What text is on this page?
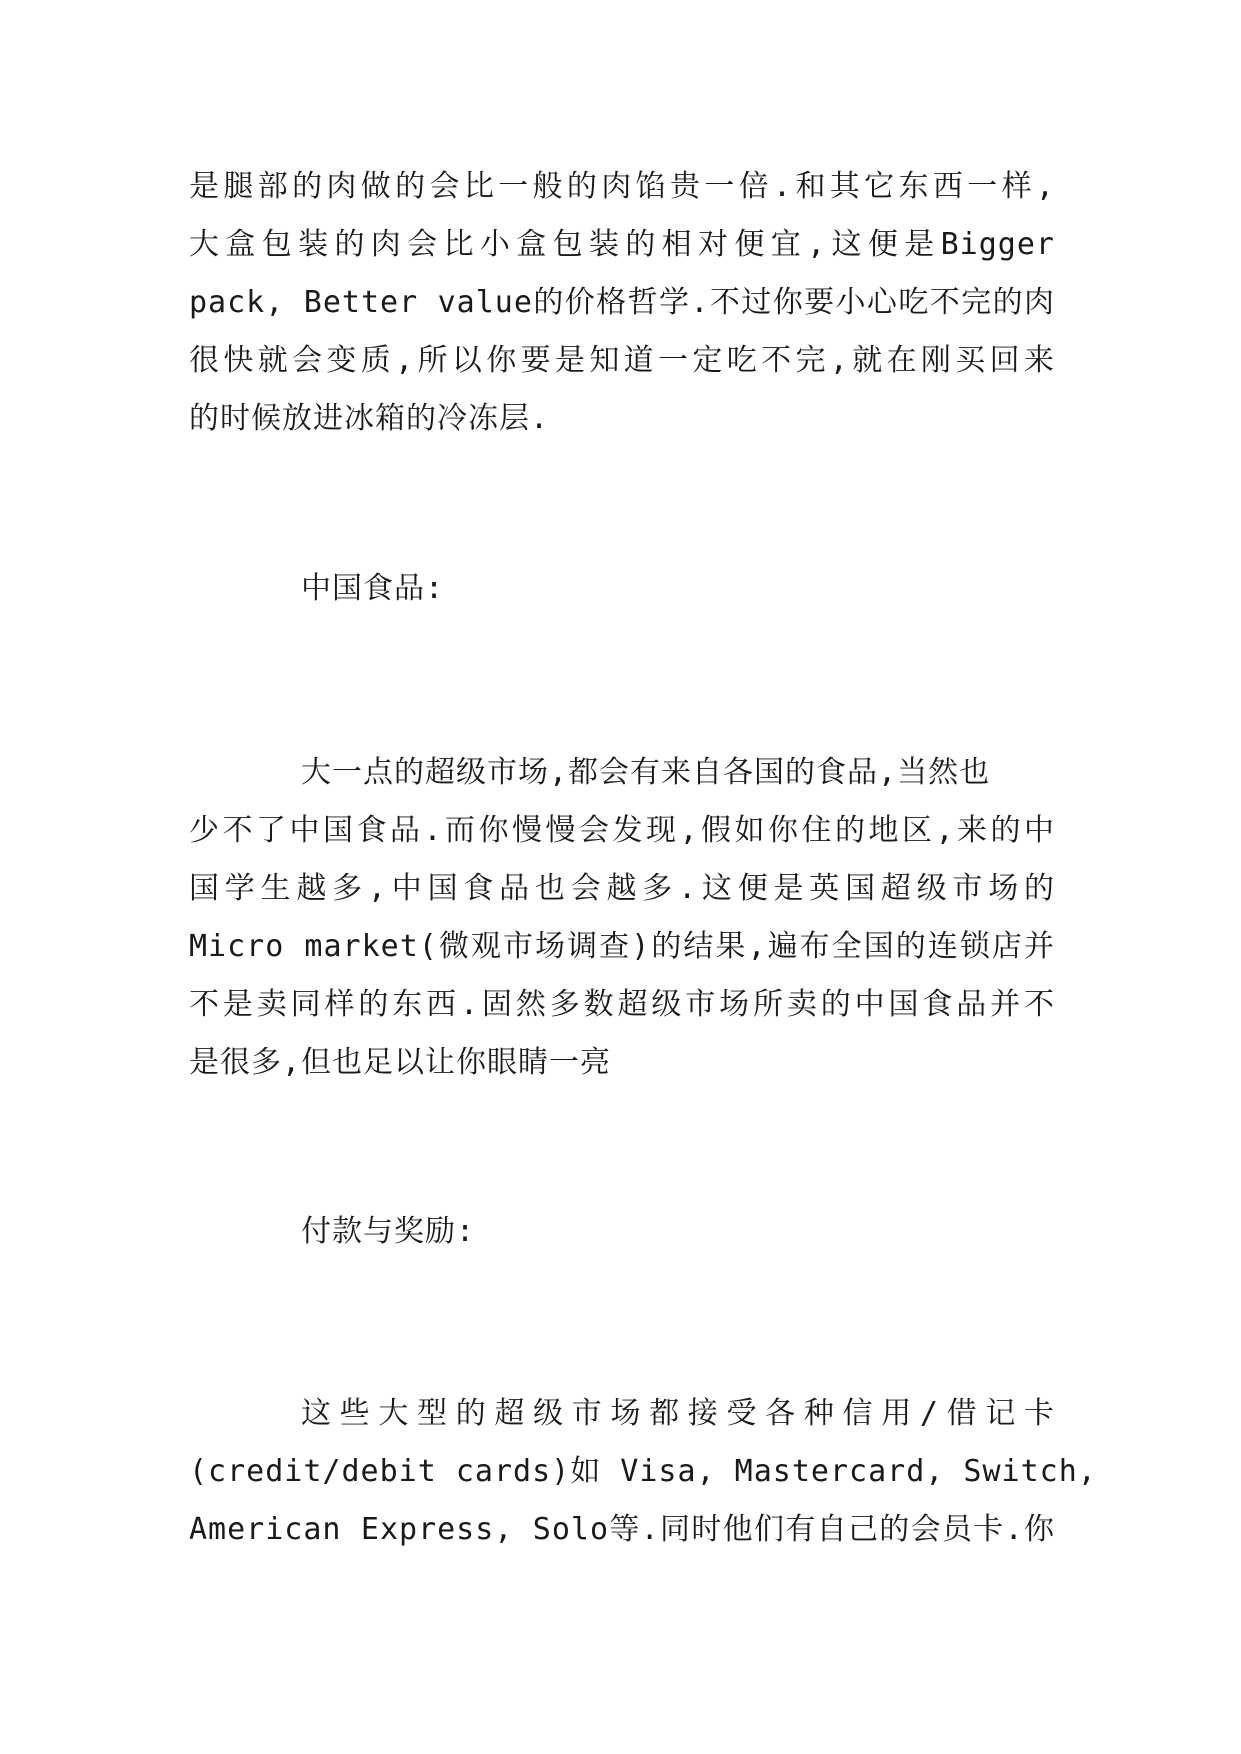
是腿部的肉做的会比一般的肉馅贵一倍.和其它东西一样,
大盒包装的肉会比小盒包装的相对便宜,这便是Bigger
pack, Better value的价格哲学.不过你要小心吃不完的肉
很快就会变质,所以你要是知道一定吃不完,就在刚买回来
的时候放进冰箱的冷冻层.
中国食品:
大一点的超级市场,都会有来自各国的食品,当然也
少不了中国食品.而你慢慢会发现,假如你住的地区,来的中
国学生越多,中国食品也会越多.这便是英国超级市场的
Micro market(微观市场调查)的结果,遍布全国的连锁店并
不是卖同样的东西.固然多数超级市场所卖的中国食品并不
是很多,但也足以让你眼睛一亮
付款与奖励:
这些大型的超级市场都接受各种信用/借记卡
(credit/debit cards)如 Visa, Mastercard, Switch,
American Express, Solo等.同时他们有自己的会员卡.你
